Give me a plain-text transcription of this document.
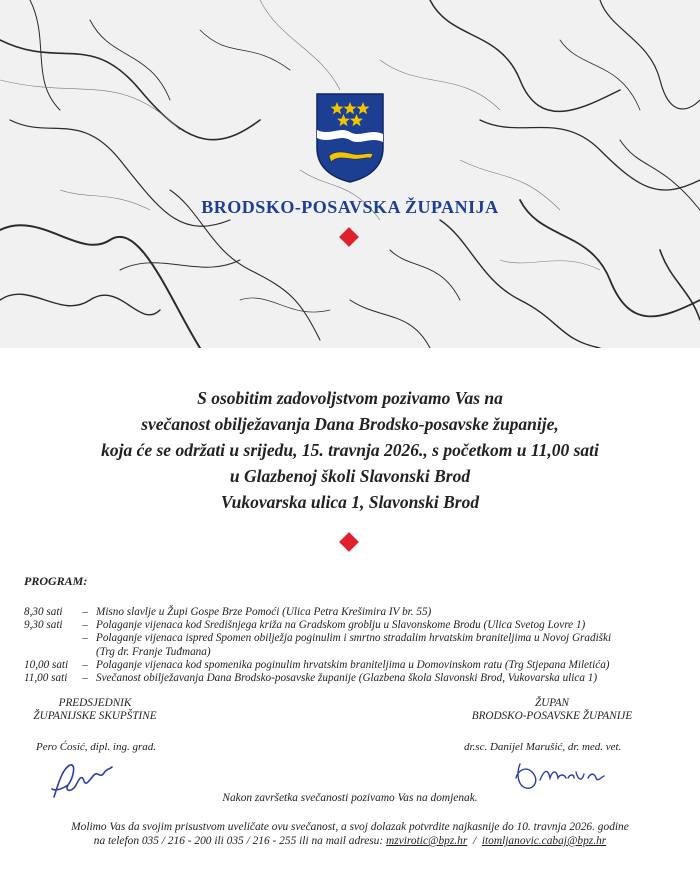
BRODSKO-POSAVSKA ŽUPANIJA
S osobitim zadovoljstvom pozivamo Vas na
svečanost obilježavanja Dana Brodsko-posavske županije,
koja će se održati u srijedu, 15. travnja 2026., s početkom u 11,00 sati
u Glazbenoj školi Slavonski Brod
Vukovarska ulica 1, Slavonski Brod
PROGRAM:
8,30 sati	– Misno slavlje u Župi Gospe Brze Pomoći (Ulica Petra Krešimira IV br. 55)
9,30 sati	– Polaganje vijenaca kod Središnjega križa na Gradskom groblju u Slavonskome Brodu (Ulica Svetog Lovre 1)
– Polaganje vijenaca ispred Spomen obilježja poginulim i smrtno stradalim hrvatskim braniteljima u Novoj Gradiški
(Trg dr. Franje Tuđmana)
10,00 sati	– Polaganje vijenaca kod spomenika poginulim hrvatskim braniteljima u Domovinskom ratu (Trg Stjepana Miletića)
11,00 sati	– Svečanost obilježavanja Dana Brodsko-posavske županije (Glazbena škola Slavonski Brod, Vukovarska ulica 1)
PREDSJEDNIK
ŽUPANIJSKE SKUPŠTINE
ŽUPAN
BRODSKO-POSAVSKE ŽUPANIJE
Pero Ćosić, dipl. ing. grad.	dr.sc. Danijel Marušić, dr. med. vet.
Nakon završetka svečanosti pozivamo Vas na domjenak.
Molimo Vas da svojim prisustvom uveličate ovu svečanost, a svoj dolazak potvrdite najkasnije do 10. travnja 2026. godine
na telefon 035 / 216 - 200 ili 035 / 216 - 255 ili na mail adresu: mzvirotic@bpz.hr  /  itomljanovic.cabaj@bpz.hr
